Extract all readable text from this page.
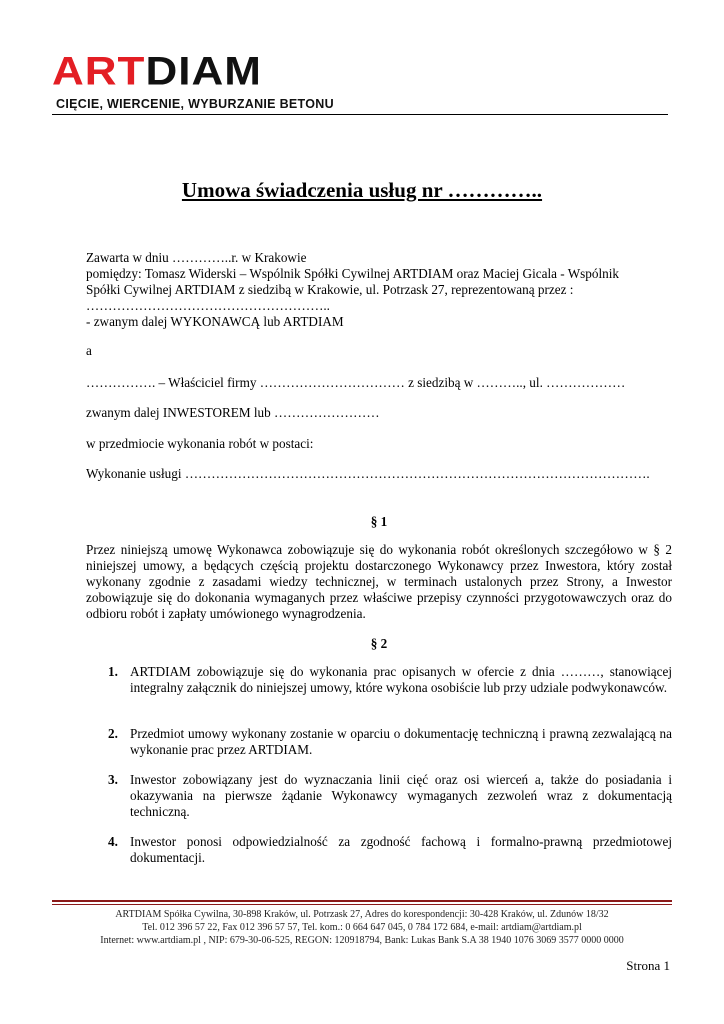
ARTDIAM
CIĘCIE, WIERCENIE, WYBURZANIE BETONU
Umowa świadczenia usług nr …………..
Zawarta w dniu …………..r. w Krakowie
pomiędzy: Tomasz Widerski – Wspólnik Spółki Cywilnej ARTDIAM oraz Maciej Gicala - Wspólnik
Spółki Cywilnej ARTDIAM z siedzibą w Krakowie, ul. Potrzask 27, reprezentowaną przez :
………………………………………………..
- zwanym dalej WYKONAWCĄ lub ARTDIAM
a
……………. – Właściciel firmy …………………………… z siedzibą w ……….., ul. ………………
zwanym dalej INWESTOREM lub ……………………
w przedmiocie wykonania robót w postaci:
Wykonanie usługi …………………………………………………………………………………………….
§ 1
Przez niniejszą umowę Wykonawca zobowiązuje się do wykonania robót określonych szczegółowo w § 2 niniejszej umowy, a będących częścią projektu dostarczonego Wykonawcy przez Inwestora, który został wykonany zgodnie z zasadami wiedzy technicznej, w terminach ustalonych przez Strony, a Inwestor zobowiązuje się do dokonania wymaganych przez właściwe przepisy czynności przygotowawczych oraz do odbioru robót i zapłaty umówionego wynagrodzenia.
§ 2
1. ARTDIAM zobowiązuje się do wykonania prac opisanych w ofercie z dnia ………, stanowiącej integralny załącznik do niniejszej umowy, które wykona osobiście lub przy udziale podwykonawców.
2. Przedmiot umowy wykonany zostanie w oparciu o dokumentację techniczną i prawną zezwalającą na wykonanie prac przez ARTDIAM.
3. Inwestor zobowiązany jest do wyznaczania linii cięć oraz osi wierceń a, także do posiadania i okazywania na pierwsze żądanie Wykonawcy wymaganych zezwoleń wraz z dokumentacją techniczną.
4. Inwestor ponosi odpowiedzialność za zgodność fachową i formalno-prawną przedmiotowej dokumentacji.
ARTDIAM Spółka Cywilna, 30-898 Kraków, ul. Potrzask 27, Adres do korespondencji: 30-428 Kraków, ul. Zdunów 18/32
Tel. 012 396 57 22, Fax 012 396 57 57, Tel. kom.: 0 664 647 045, 0 784 172 684, e-mail: artdiam@artdiam.pl
Internet: www.artdiam.pl , NIP: 679-30-06-525, REGON: 120918794, Bank: Lukas Bank S.A 38 1940 1076 3069 3577 0000 0000
Strona 1
